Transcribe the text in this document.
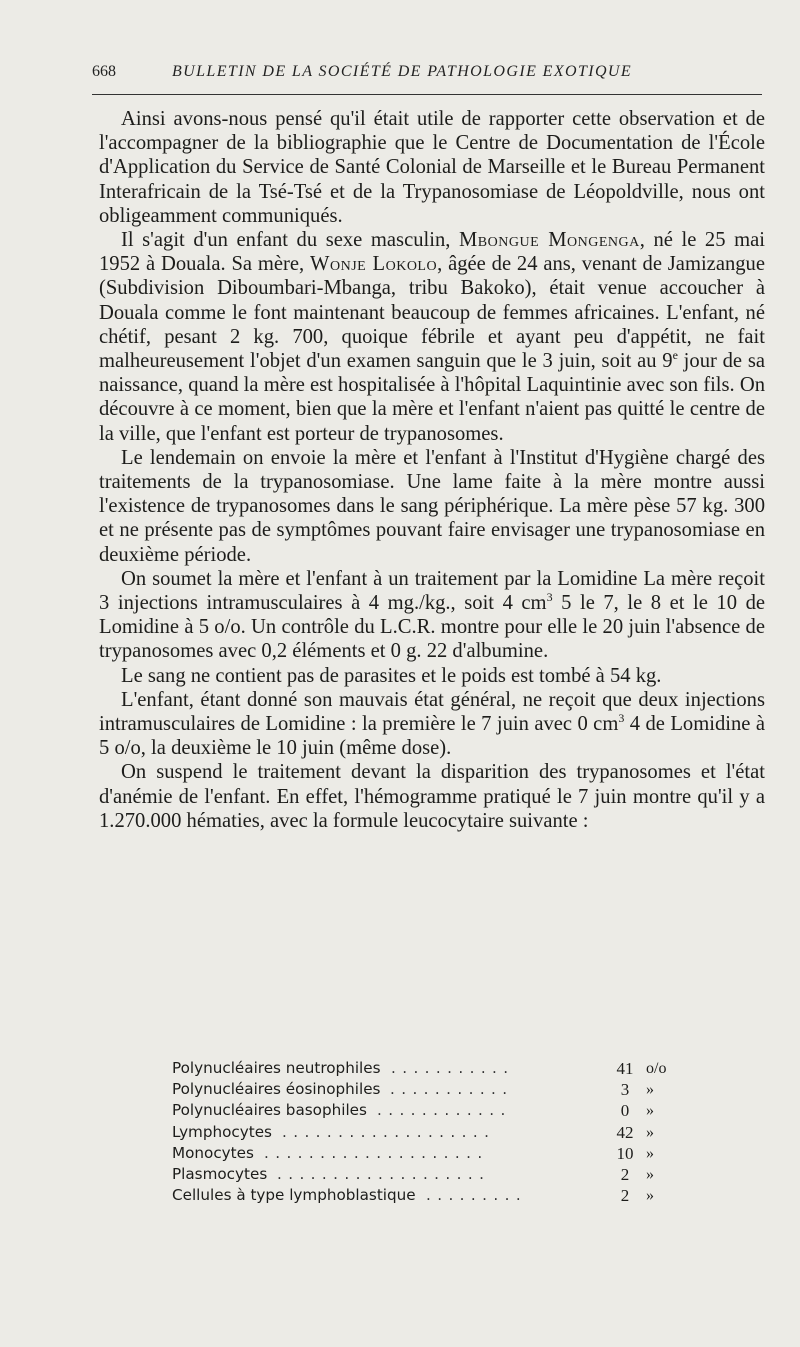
668	BULLETIN DE LA SOCIÉTÉ DE PATHOLOGIE EXOTIQUE

Ainsi avons-nous pensé qu'il était utile de rapporter cette observation et de l'accompagner de la bibliographie que le Centre de Documentation de l'École d'Application du Service de Santé Colonial de Marseille et le Bureau Permanent Interafricain de la Tsé-Tsé et de la Trypanosomiase de Léopoldville, nous ont obligeamment communiqués.

Il s'agit d'un enfant du sexe masculin, Mbongue Mongenga, né le 25 mai 1952 à Douala. Sa mère, Wonje Lokolo, âgée de 24 ans, venant de Jamizangue (Subdivision Diboumbari-Mbanga, tribu Bakoko), était venue accoucher à Douala comme le font maintenant beaucoup de femmes africaines. L'enfant, né chétif, pesant 2 kg. 700, quoique fébrile et ayant peu d'appétit, ne fait malheureusement l'objet d'un examen sanguin que le 3 juin, soit au 9e jour de sa naissance, quand la mère est hospitalisée à l'hôpital Laquintinie avec son fils. On découvre à ce moment, bien que la mère et l'enfant n'aient pas quitté le centre de la ville, que l'enfant est porteur de trypanosomes.

Le lendemain on envoie la mère et l'enfant à l'Institut d'Hygiène chargé des traitements de la trypanosomiase. Une lame faite à la mère montre aussi l'existence de trypanosomes dans le sang périphérique. La mère pèse 57 kg. 300 et ne présente pas de symptômes pouvant faire envisager une trypanosomiase en deuxième période.

On soumet la mère et l'enfant à un traitement par la Lomidine La mère reçoit 3 injections intramusculaires à 4 mg./kg., soit 4 $cm^3$ 5 le 7, le 8 et le 10 de Lomidine à 5 o/o. Un contrôle du L.C.R. montre pour elle le 20 juin l'absence de trypanosomes avec 0,2 éléments et 0 g. 22 d'albumine.

Le sang ne contient pas de parasites et le poids est tombé à 54 kg.

L'enfant, étant donné son mauvais état général, ne reçoit que deux injections intramusculaires de Lomidine : la première le 7 juin avec 0 $cm^3$ 4 de Lomidine à 5 o/o, la deuxième le 10 juin (même dose).

On suspend le traitement devant la disparition des trypanosomes et l'état d'anémie de l'enfant. En effet, l'hémogramme pratiqué le 7 juin montre qu'il y a 1.270.000 hématies, avec la formule leucocytaire suivante :

Polynucléaires neutrophiles ...........	41 o/o
Polynucléaires éosinophiles ...........	3	»
Polynucléaires basophiles ............	0	»
Lymphocytes ...................	42 »
Monocytes ....................	10 »
Plasmocytes ...................	2	»
Cellules à type lymphoblastique .........	2	»
